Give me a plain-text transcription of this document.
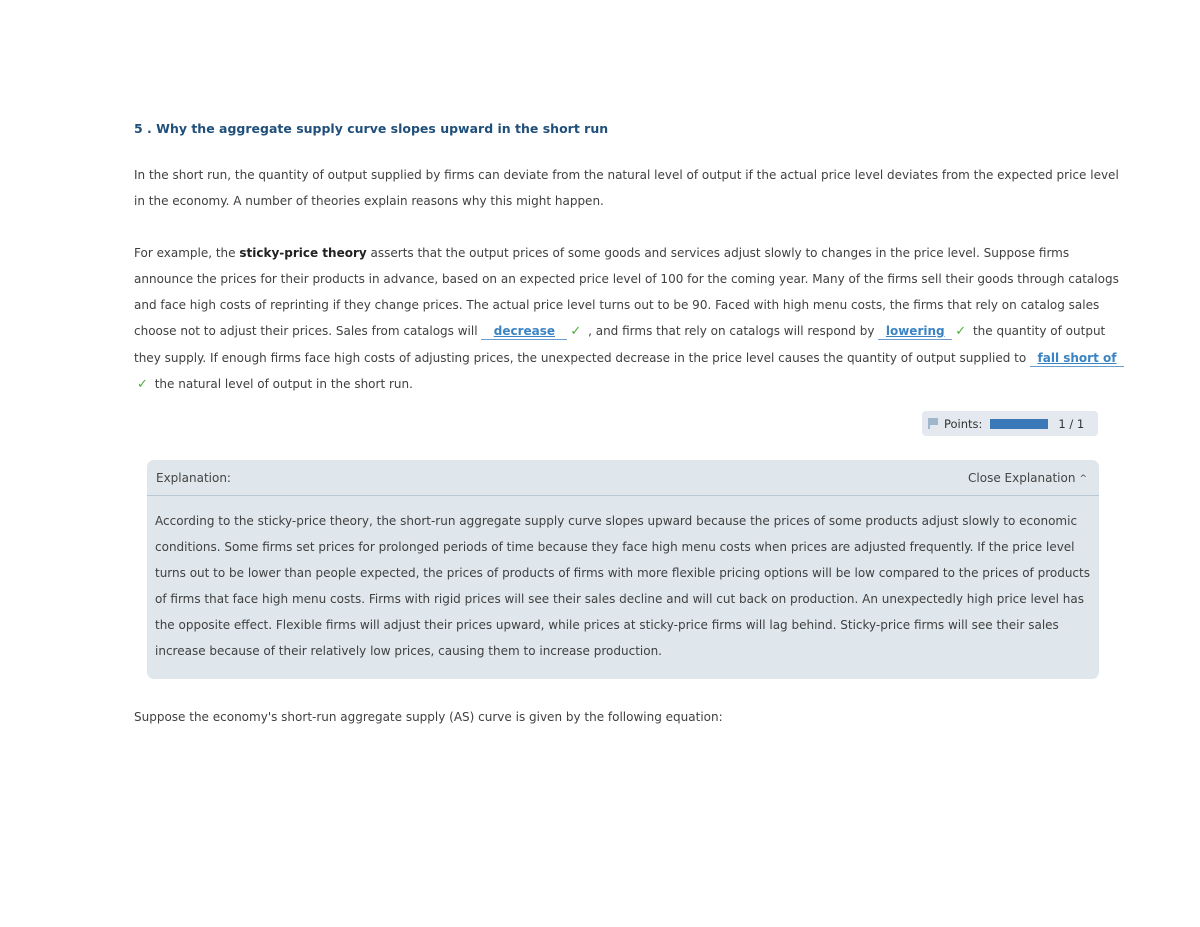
5 . Why the aggregate supply curve slopes upward in the short run

In the short run, the quantity of output supplied by firms can deviate from the natural level of output if the actual price level deviates from the expected price level in the economy. A number of theories explain reasons why this might happen.

For example, the sticky-price theory asserts that the output prices of some goods and services adjust slowly to changes in the price level. Suppose firms announce the prices for their products in advance, based on an expected price level of 100 for the coming year. Many of the firms sell their goods through catalogs and face high costs of reprinting if they change prices. The actual price level turns out to be 90. Faced with high menu costs, the firms that rely on catalog sales choose not to adjust their prices. Sales from catalogs will decrease ✓ , and firms that rely on catalogs will respond by lowering ✓ the quantity of output they supply. If enough firms face high costs of adjusting prices, the unexpected decrease in the price level causes the quantity of output supplied to fall short of✓ the natural level of output in the short run.

Points:	1 / 1
Explanation:	Close Explanation ^

According to the sticky-price theory, the short-run aggregate supply curve slopes upward because the prices of some products adjust slowly to economic conditions. Some firms set prices for prolonged periods of time because they face high menu costs when prices are adjusted frequently. If the price level turns out to be lower than people expected, the prices of products of firms with more flexible pricing options will be low compared to the prices of products of firms that face high menu costs. Firms with rigid prices will see their sales decline and will cut back on production. An unexpectedly high price level has the opposite effect. Flexible firms will adjust their prices upward, while prices at sticky-price firms will lag behind. Sticky-price firms will see their sales increase because of their relatively low prices, causing them to increase production.

Suppose the economy's short-run aggregate supply (AS) curve is given by the following equation:
